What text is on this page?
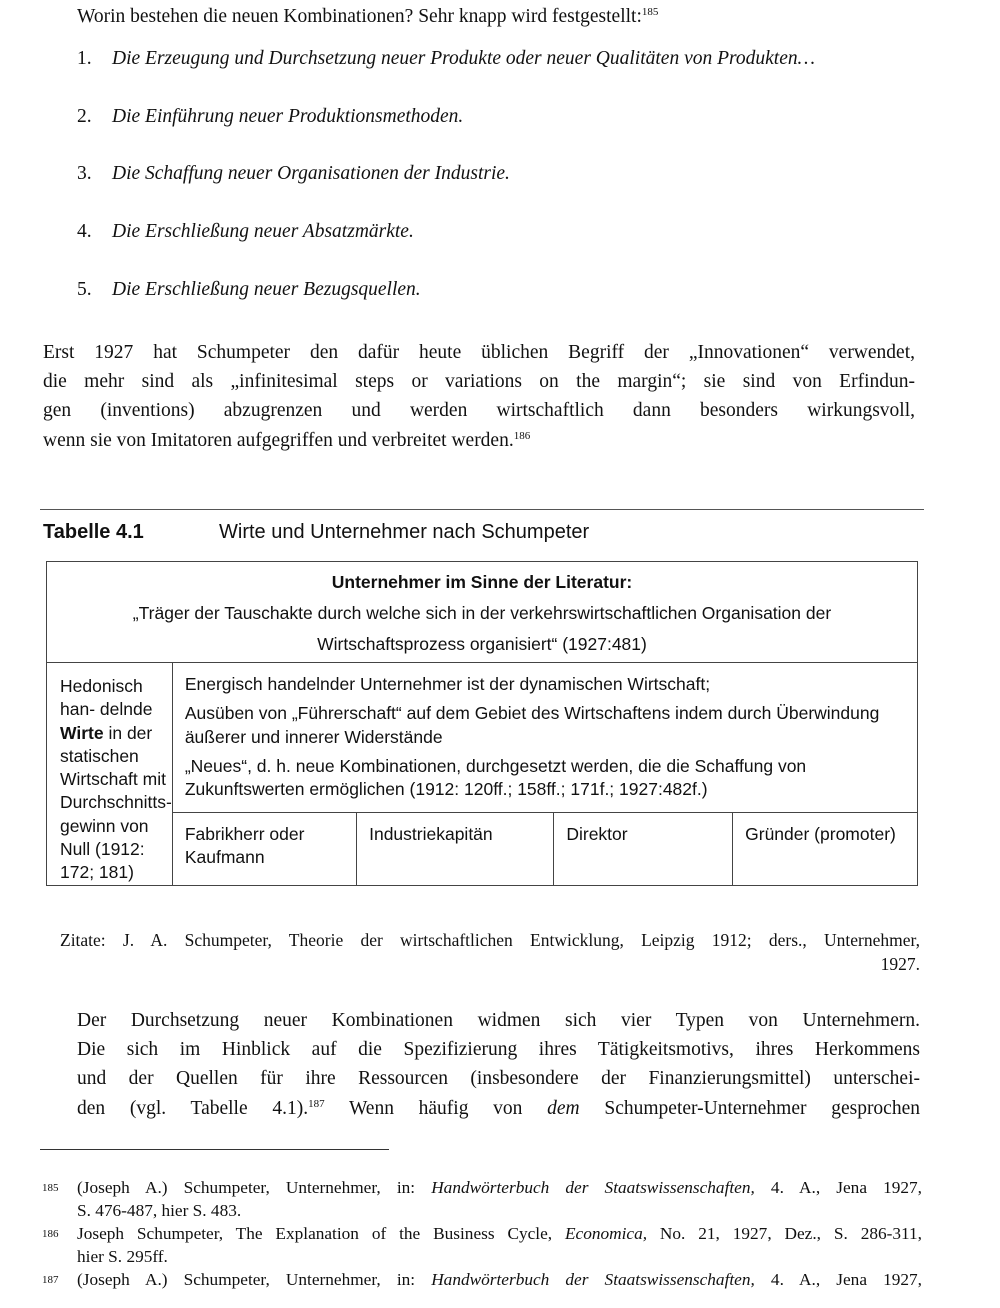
Worin bestehen die neuen Kombinationen? Sehr knapp wird festgestellt:$^{185}$
1.	Die Erzeugung und Durchsetzung neuer Produkte oder neuer Qualitäten von Produkten…
2.	Die Einführung neuer Produktionsmethoden.
3.	Die Schaffung neuer Organisationen der Industrie.
4.	Die Erschließung neuer Absatzmärkte.
5.	Die Erschließung neuer Bezugsquellen.
Erst 1927 hat Schumpeter den dafür heute üblichen Begriff der „Innovationen“ verwendet,
die mehr sind als „infinitesimal steps or variations on the margin“; sie sind von Erfindun-
gen (inventions) abzugrenzen und werden wirtschaftlich dann besonders wirkungsvoll,
wenn sie von Imitatoren aufgegriffen und verbreitet werden.$^{186}$
Tabelle 4.1	Wirte und Unternehmer nach Schumpeter
Unternehmer im Sinne der Literatur:
„Träger der Tauschakte durch welche sich in der verkehrswirtschaftlichen Organisation der
Wirtschaftsprozess organisiert“ (1927:481)				

Hedonisch han- delnde Wirte in der statischen Wirtschaft mit Durchschnitts- gewinn von Null (1912: 172; 181)	Energisch handelnder Unternehmer ist der dynamischen Wirtschaft;

Ausüben von „Führerschaft“ auf dem Gebiet des Wirtschaftens indem durch Überwindung äußerer und innerer Widerstände

„Neues“, d. h. neue Kombinationen, durchgesetzt werden, die die Schaffung von Zukunftswerten ermöglichen (1912: 120ff.; 158ff.; 171f.; 1927:482f.)			

	Fabrikherr oder Kaufmann	Industriekapitän	Direktor	Gründer (promoter)
Zitate: J. A. Schumpeter, Theorie der wirtschaftlichen Entwicklung, Leipzig 1912; ders., Unternehmer,
1927.
Der Durchsetzung neuer Kombinationen widmen sich vier Typen von Unternehmern.
Die sich im Hinblick auf die Spezifizierung ihres Tätigkeitsmotivs, ihres Herkommens
und der Quellen für ihre Ressourcen (insbesondere der Finanzierungsmittel) unterschei-
den (vgl. Tabelle 4.1).$^{187}$ Wenn häufig von dem Schumpeter-Unternehmer gesprochen
185	(Joseph A.) Schumpeter, Unternehmer, in: Handwörterbuch der Staatswissenschaften, 4. A., Jena 1927,
S. 476-487, hier S. 483.
186	Joseph Schumpeter, The Explanation of the Business Cycle, Economica, No. 21, 1927, Dez., S. 286-311,
hier S. 295ff.
187	(Joseph A.) Schumpeter, Unternehmer, in: Handwörterbuch der Staatswissenschaften, 4. A., Jena 1927,
